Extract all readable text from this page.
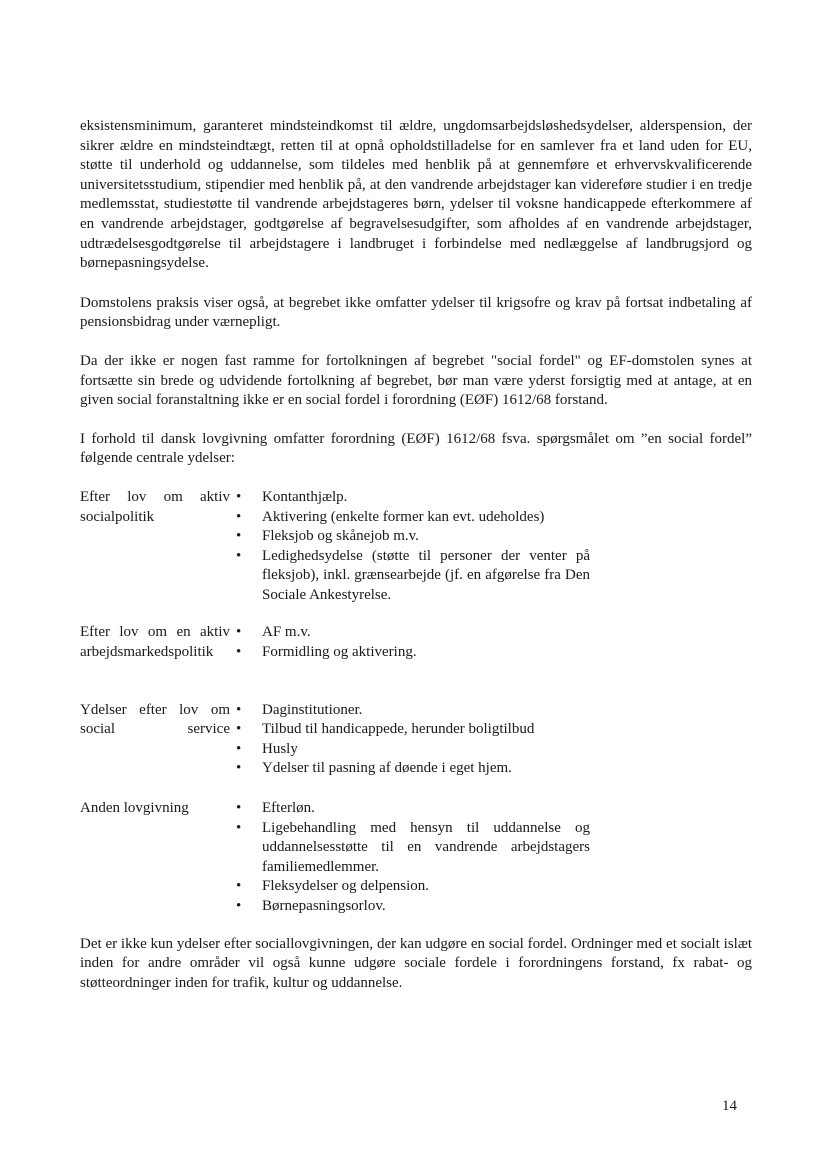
eksistensminimum, garanteret mindsteindkomst til ældre, ungdomsarbejdsløshedsydelser, alderspension, der sikrer ældre en mindsteindtægt, retten til at opnå opholdstilladelse for en samlever fra et land uden for EU, støtte til underhold og uddannelse, som tildeles med henblik på at gennemføre et erhvervskvalificerende universitetsstudium, stipendier med henblik på, at den vandrende arbejdstager kan videreføre studier i en tredje medlemsstat, studiestøtte til vandrende arbejdstageres børn, ydelser til voksne handicappede efterkommere af en vandrende arbejdstager, godtgørelse af begravelsesudgifter, som afholdes af en vandrende arbejdstager, udtrædelsesgodtgørelse til arbejdstagere i landbruget i forbindelse med nedlæggelse af landbrugsjord og børnepasningsydelse.

Domstolens praksis viser også, at begrebet ikke omfatter ydelser til krigsofre og krav på fortsat indbetaling af pensionsbidrag under værnepligt.

Da der ikke er nogen fast ramme for fortolkningen af begrebet "social fordel" og EF-domstolen synes at fortsætte sin brede og udvidende fortolkning af begrebet, bør man være yderst forsigtig med at antage, at en given social foranstaltning ikke er en social fordel i forordning (EØF) 1612/68 forstand.

I forhold til dansk lovgivning omfatter forordning (EØF) 1612/68 fsva. spørgsmålet om ”en social fordel” følgende centrale ydelser:

Efter lov om aktiv socialpolitik
• Kontanthjælp.
• Aktivering (enkelte former kan evt. udeholdes)
• Fleksjob og skånejob m.v.
• Ledighedsydelse (støtte til personer der venter på fleksjob), inkl. grænsearbejde (jf. en afgørelse fra Den Sociale Ankestyrelse.
Efter lov om en aktiv arbejdsmarkedspolitik
• AF m.v.
• Formidling og aktivering.
Ydelser efter lov om social service
• Daginstitutioner.
• Tilbud til handicappede, herunder boligtilbud
• Husly
• Ydelser til pasning af døende i eget hjem.
Anden lovgivning
•	Efterløn.
• Ligebehandling med hensyn til uddannelse og uddannelsesstøtte til en vandrende arbejdstagers familiemedlemmer.
• Fleksydelser og delpension.
• Børnepasningsorlov.

Det er ikke kun ydelser efter sociallovgivningen, der kan udgøre en social fordel. Ordninger med et socialt islæt inden for andre områder vil også kunne udgøre sociale fordele i forordningens forstand, fx rabat- og støtteordninger inden for trafik, kultur og uddannelse.

14
